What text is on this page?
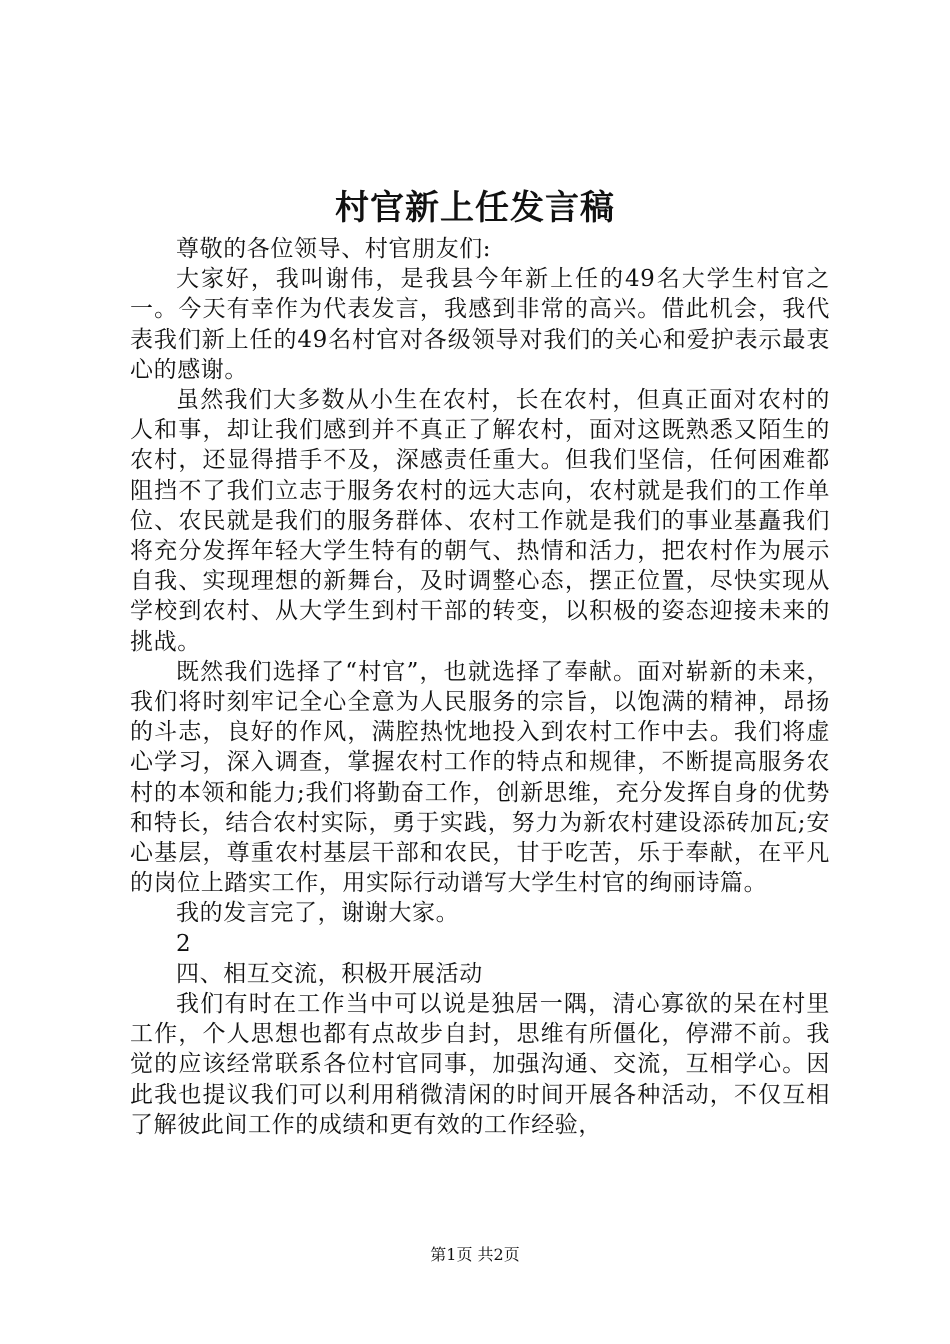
村官新上任发言稿

尊敬的各位领导、村官朋友们:

大家好，我叫谢伟，是我县今年新上任的49名大学生村官之一。今天有幸作为代表发言，我感到非常的高兴。借此机会，我代表我们新上任的49名村官对各级领导对我们的关心和爱护表示最衷心的感谢。

虽然我们大多数从小生在农村，长在农村，但真正面对农村的人和事，却让我们感到并不真正了解农村，面对这既熟悉又陌生的农村，还显得措手不及，深感责任重大。但我们坚信，任何困难都阻挡不了我们立志于服务农村的远大志向，农村就是我们的工作单位、农民就是我们的服务群体、农村工作就是我们的事业基矗我们将充分发挥年轻大学生特有的朝气、热情和活力，把农村作为展示自我、实现理想的新舞台，及时调整心态，摆正位置，尽快实现从学校到农村、从大学生到村干部的转变，以积极的姿态迎接未来的挑战。

既然我们选择了“村官”，也就选择了奉献。面对崭新的未来，我们将时刻牢记全心全意为人民服务的宗旨，以饱满的精神，昂扬的斗志，良好的作风，满腔热忱地投入到农村工作中去。我们将虚心学习，深入调查，掌握农村工作的特点和规律，不断提高服务农村的本领和能力;我们将勤奋工作，创新思维，充分发挥自身的优势和特长，结合农村实际，勇于实践，努力为新农村建设添砖加瓦;安心基层，尊重农村基层干部和农民，甘于吃苦，乐于奉献，在平凡的岗位上踏实工作，用实际行动谱写大学生村官的绚丽诗篇。

我的发言完了，谢谢大家。

2

四、相互交流，积极开展活动

我们有时在工作当中可以说是独居一隅，清心寡欲的呆在村里工作，个人思想也都有点故步自封，思维有所僵化，停滞不前。我觉的应该经常联系各位村官同事，加强沟通、交流，互相学心。因此我也提议我们可以利用稍微清闲的时间开展各种活动，不仅互相了解彼此间工作的成绩和更有效的工作经验，

第1页 共2页
